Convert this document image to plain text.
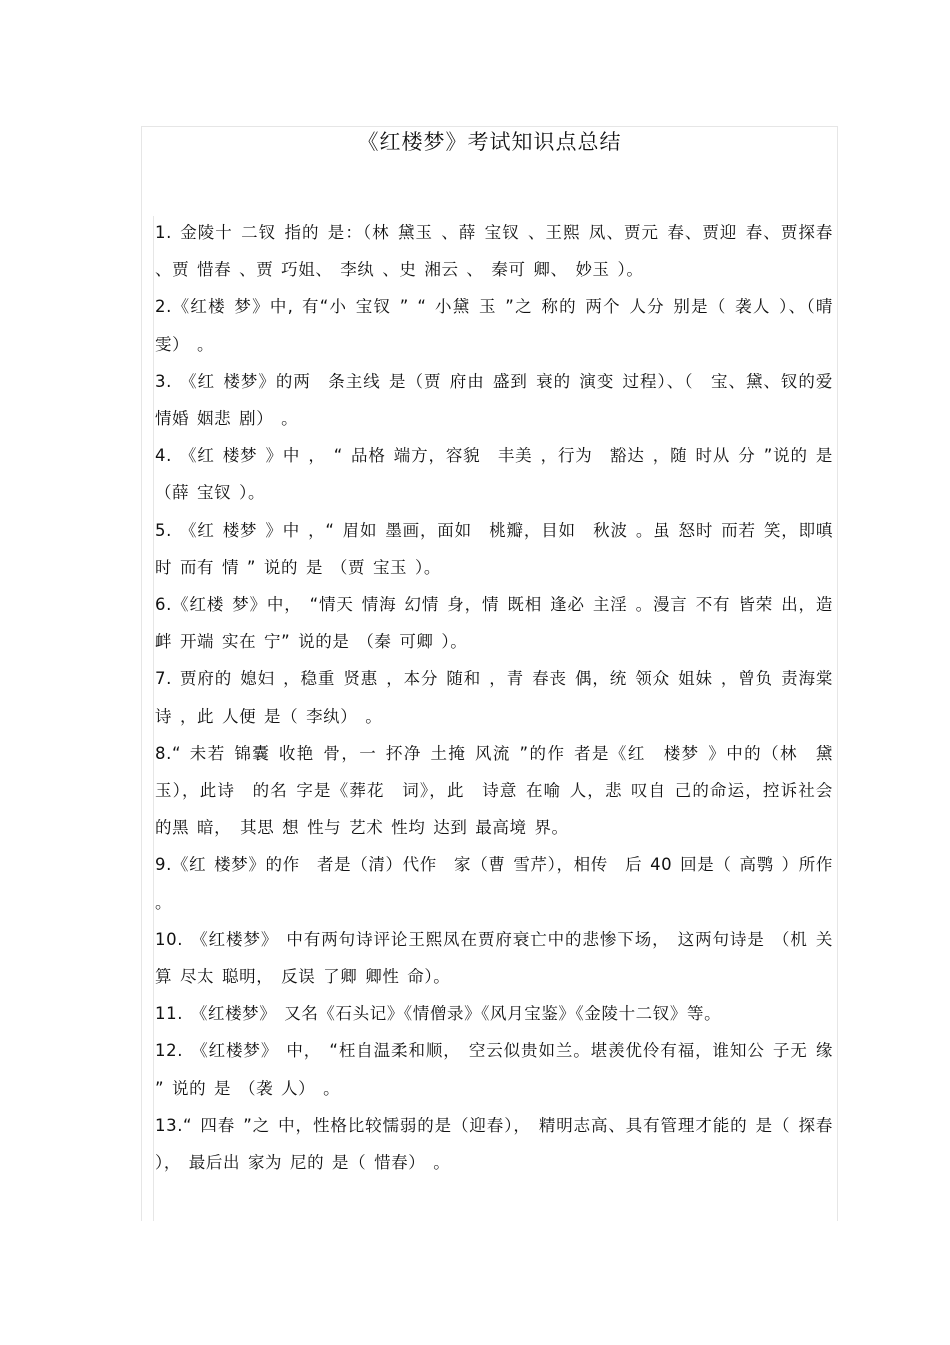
《红楼梦》考试知识点总结
1. 金陵十 二钗 指的 是：（林 黛玉 、薛 宝钗 、王熙 凤、贾元 春、贾迎 春、贾探春 、贾 惜春 、贾 巧姐、 李纨 、史 湘云 、 秦可 卿、 妙玉 ）。
2.《红楼 梦》中, 有“小 宝钗 ” “ 小黛 玉 ”之 称的 两个 人分 别是（ 袭人 ）、（晴 雯） 。
3. 《红 楼梦》的两　条主线 是（贾 府由 盛到 衰的 演变 过程）、（　宝、黛、钗的爱 情婚 姻悲 剧） 。
4. 《红 楼梦 》中 ， “ 品格 端方，容貌　丰美 ，行为　豁达 ，随 时从 分 ”说的 是（薛 宝钗 ）。
5. 《红 楼梦 》中 ，“ 眉如 墨画，面如　桃瓣，目如　秋波 。虽 怒时 而若 笑，即嗔时 而有 情 ” 说的 是 （贾 宝玉 ）。
6.《红楼 梦》中， “情天 情海 幻情 身，情 既相 逢必 主淫 。漫言 不有 皆荣 出，造衅 开端 实在 宁” 说的是 （秦 可卿 ）。
7. 贾府的 媳妇 ，稳重 贤惠 ，本分 随和 ，青 春丧 偶，统 领众 姐妹 ，曾负 责海棠诗 ，此 人便 是（ 李纨） 。
8.“ 未若 锦囊 收艳 骨，一 抔净 土掩 风流 ”的作 者是《红　楼梦 》中的（林　黛玉），此诗　的名 字是《葬花　词》，此　诗意 在喻 人，悲 叹自 己的命运，控诉社会 的黑 暗，　其思 想 性与 艺术 性均 达到 最高境 界。
9.《红 楼梦》的作　者是（清）代作　家（曹 雪芹），相传　后 40 回是（ 高鹗 ）所作 。
10. 《红楼梦》 中有两句诗评论王熙凤在贾府衰亡中的悲惨下场， 这两句诗是 （机 关算 尽太 聪明， 反误 了卿 卿性 命）。
11. 《红楼梦》 又名《石头记》《情僧录》《风月宝鉴》《金陵十二钗》等。
12. 《红楼梦》 中， “枉自温柔和顺， 空云似贵如兰。堪羡优伶有福，谁知公 子无 缘 ” 说的 是 （袭 人） 。
13.“ 四春 ”之 中，性格比较懦弱的是（迎春）， 精明志高、具有管理才能的 是（ 探春 ）， 最后出 家为 尼的 是（ 惜春） 。
